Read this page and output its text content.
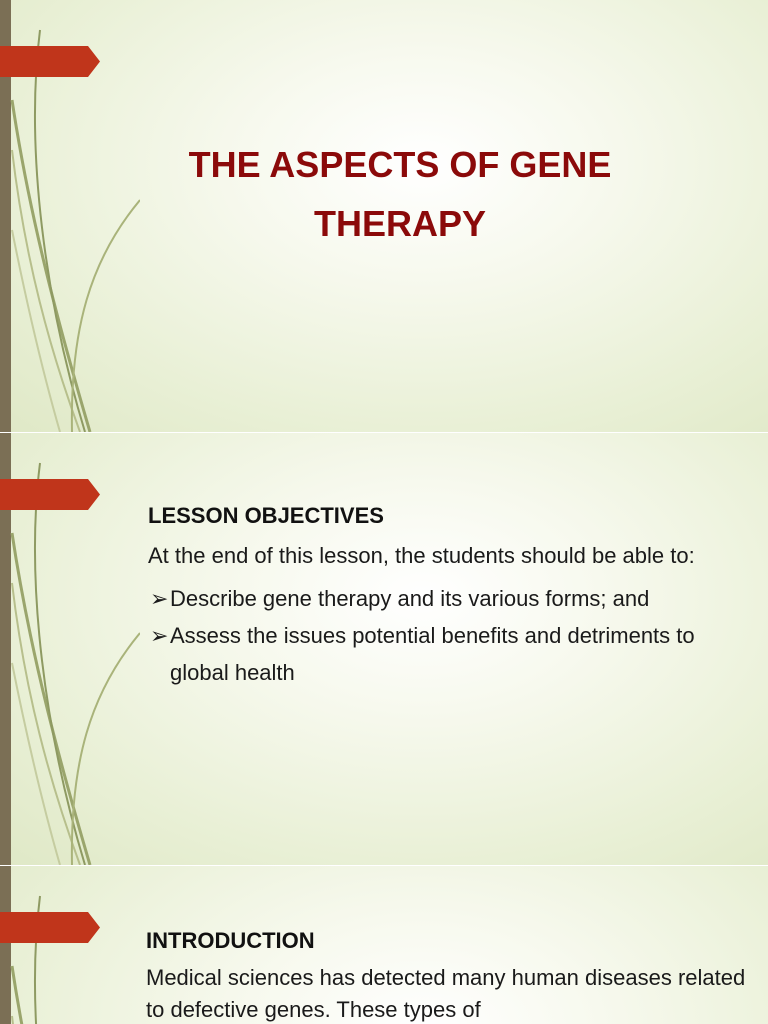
THE ASPECTS OF GENE
THERAPY

LESSON OBJECTIVES

At the end of this lesson, the students should be able to:

➢ Describe gene therapy and its various forms; and

➢ Assess the issues potential benefits and detriments to global health

INTRODUCTION

Medical sciences has detected many human diseases related to defective genes. These types of
